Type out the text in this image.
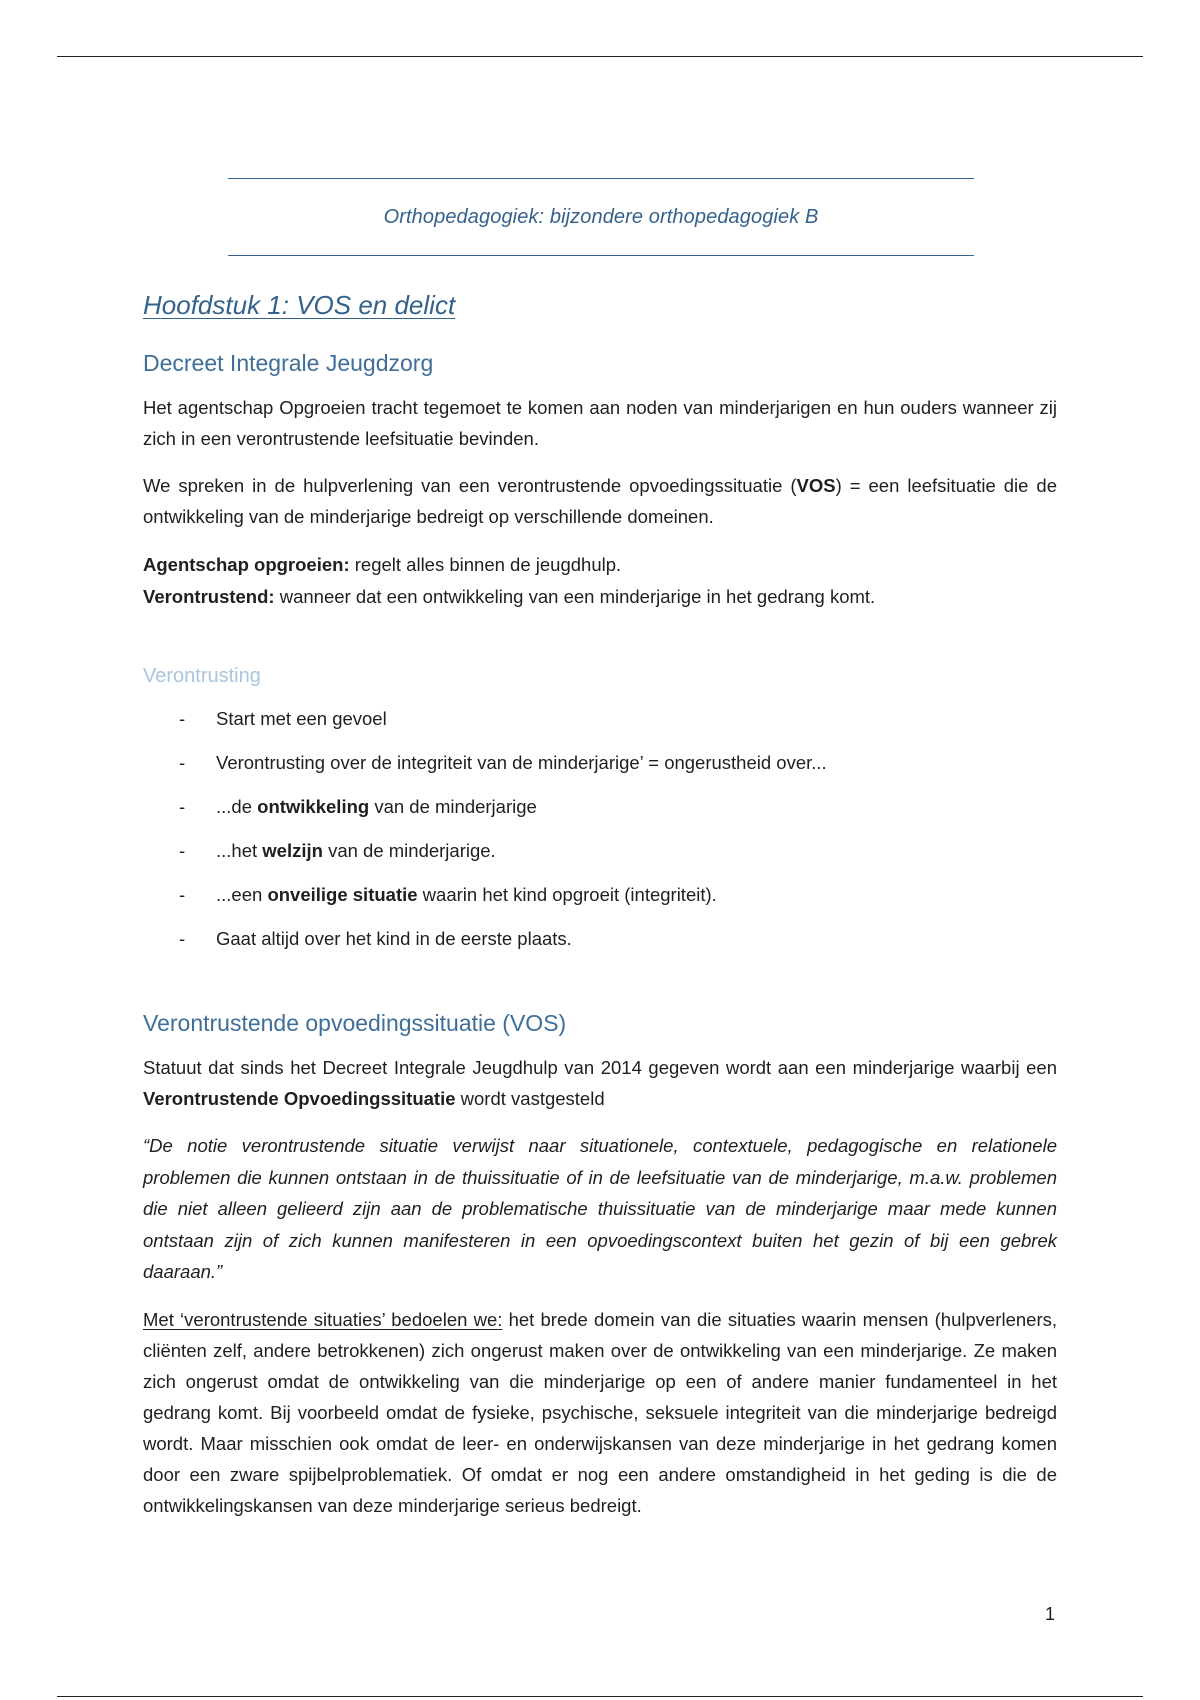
Orthopedagogiek: bijzondere orthopedagogiek B
Hoofdstuk 1: VOS en delict
Decreet Integrale Jeugdzorg

Het agentschap Opgroeien tracht tegemoet te komen aan noden van minderjarigen en hun ouders wanneer zij zich in een verontrustende leefsituatie bevinden.

We spreken in de hulpverlening van een verontrustende opvoedingssituatie (VOS) = een leefsituatie die de ontwikkeling van de minderjarige bedreigt op verschillende domeinen.

Agentschap opgroeien: regelt alles binnen de jeugdhulp.

Verontrustend: wanneer dat een ontwikkeling van een minderjarige in het gedrang komt.

Verontrusting
- Start met een gevoel
- Verontrusting over de integriteit van de minderjarige’ = ongerustheid over...
- ...de ontwikkeling van de minderjarige
- ...het welzijn van de minderjarige.
- ...een onveilige situatie waarin het kind opgroeit (integriteit).
- Gaat altijd over het kind in de eerste plaats.
Verontrustende opvoedingssituatie (VOS)

Statuut dat sinds het Decreet Integrale Jeugdhulp van 2014 gegeven wordt aan een minderjarige waarbij een Verontrustende Opvoedingssituatie wordt vastgesteld

“De notie verontrustende situatie verwijst naar situationele, contextuele, pedagogische en relationele problemen die kunnen ontstaan in de thuissituatie of in de leefsituatie van de minderjarige, m.a.w. problemen die niet alleen gelieerd zijn aan de problematische thuissituatie van de minderjarige maar mede kunnen ontstaan zijn of zich kunnen manifesteren in een opvoedingscontext buiten het gezin of bij een gebrek daaraan.”

Met ‘verontrustende situaties’ bedoelen we: het brede domein van die situaties waarin mensen (hulpverleners, cliënten zelf, andere betrokkenen) zich ongerust maken over de ontwikkeling van een minderjarige. Ze maken zich ongerust omdat de ontwikkeling van die minderjarige op een of andere manier fundamenteel in het gedrang komt. Bij voorbeeld omdat de fysieke, psychische, seksuele integriteit van die minderjarige bedreigd wordt. Maar misschien ook omdat de leer- en onderwijskansen van deze minderjarige in het gedrang komen door een zware spijbelproblematiek. Of omdat er nog een andere omstandigheid in het geding is die de ontwikkelingskansen van deze minderjarige serieus bedreigt.

1
